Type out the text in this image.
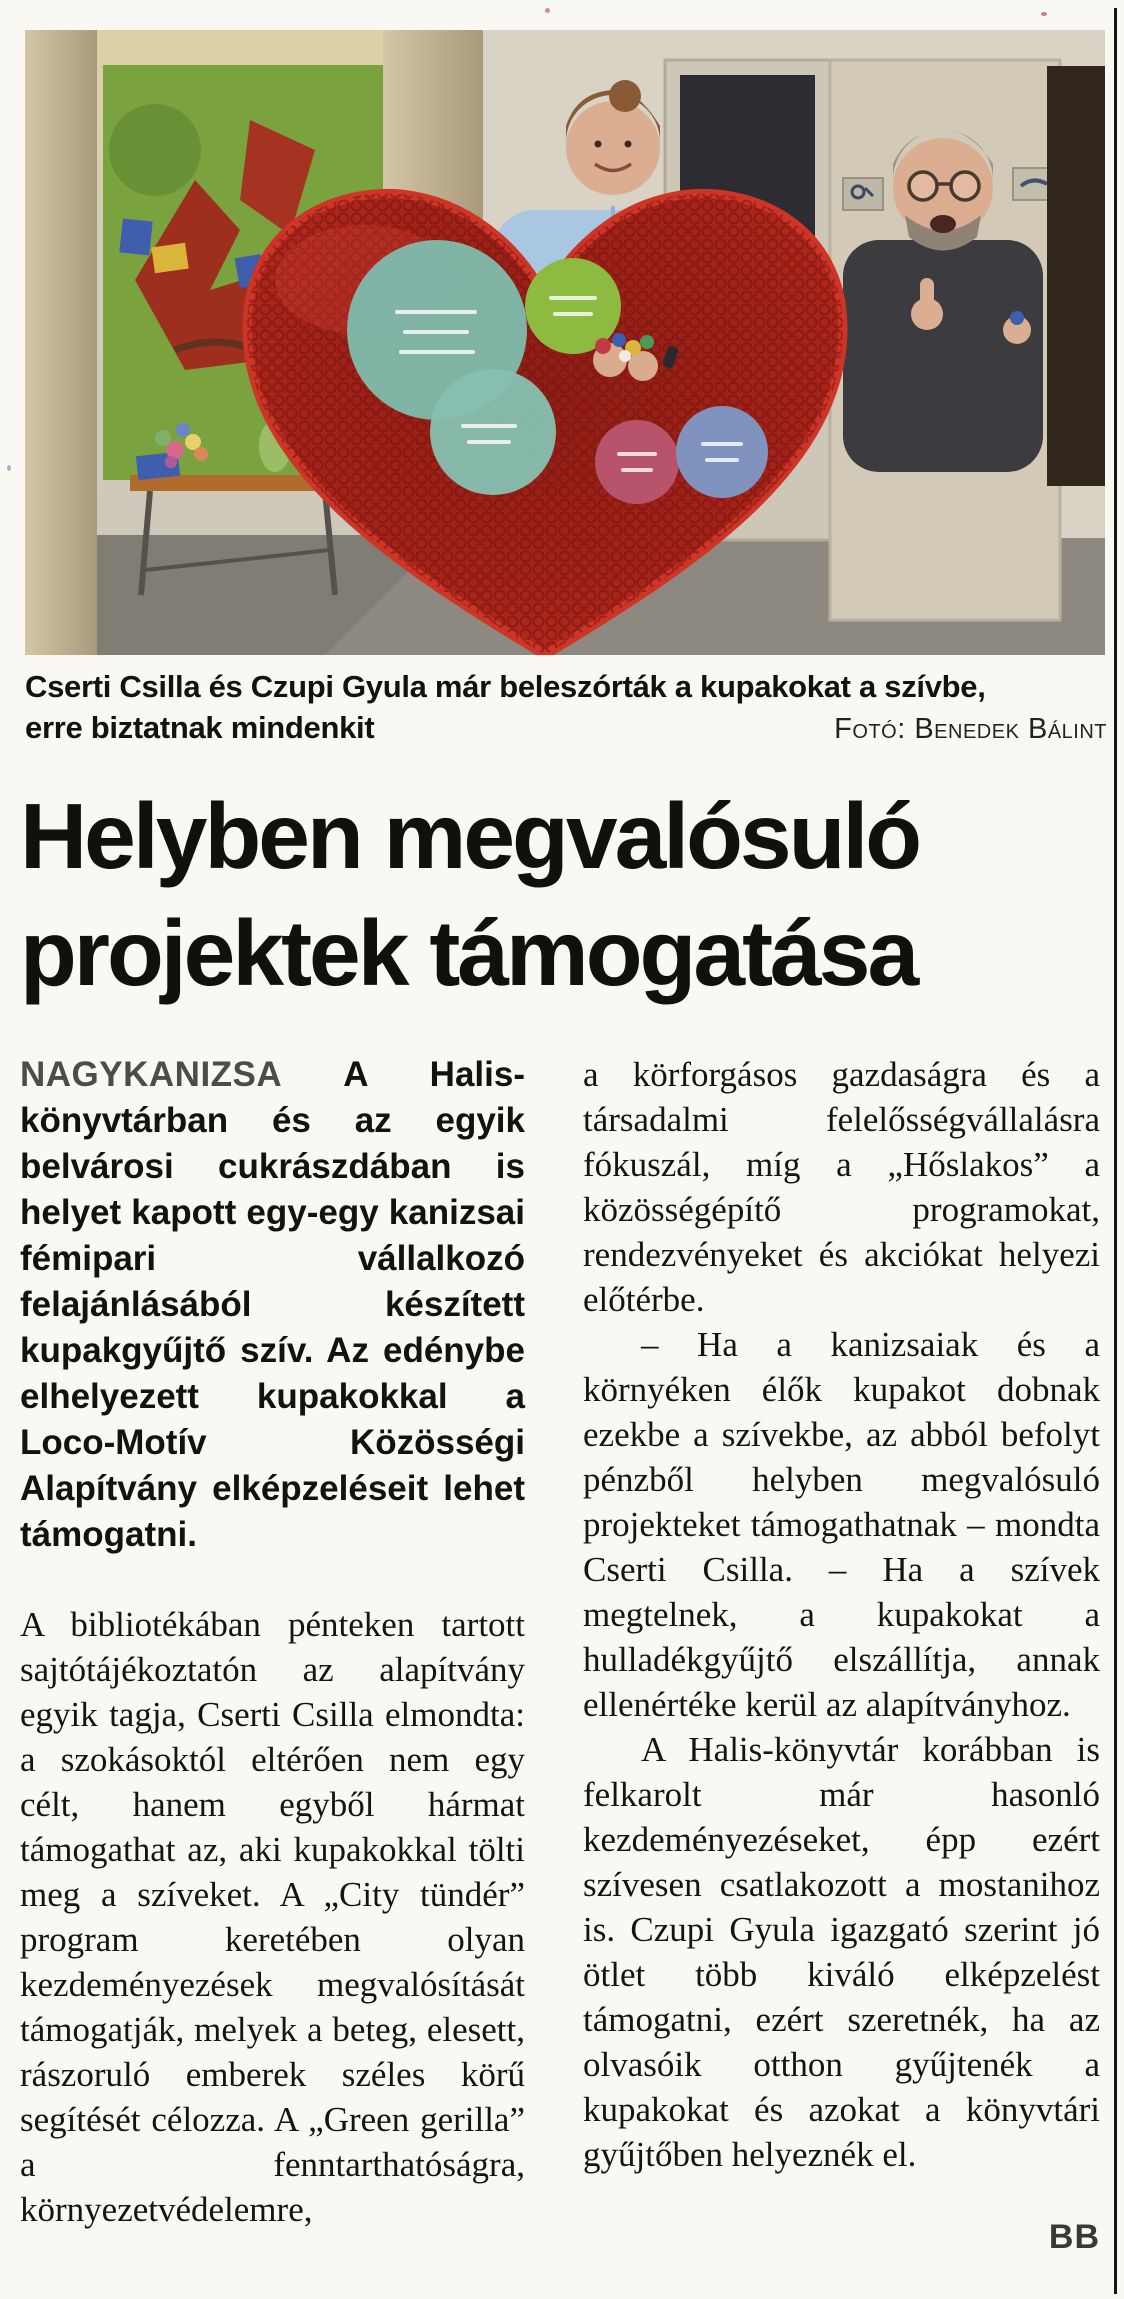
Cserti Csilla és Czupi Gyula már beleszórták a kupakokat a szívbe,
erre biztatnak mindenkit	Fotó: Benedek Bálint
Helyben megvalósuló
projektek támogatása

NAGYKANIZSA A Halis-könyvtárban és az egyik belvárosi cukrászdában is helyet kapott egy-egy kanizsai fémipari vállalkozó felajánlásából készített kupakgyűjtő szív. Az edénybe elhelyezett kupakokkal a Loco-Motív Közösségi Alapítvány elképzeléseit lehet támogatni.

A bibliotékában pénteken tartott sajtótájékoztatón az alapítvány egyik tagja, Cserti Csilla elmondta: a szokásoktól eltérően nem egy célt, hanem egyből hármat támogathat az, aki kupakokkal tölti meg a szíveket. A „City tündér” program keretében olyan kezdeményezések megvalósítását támogatják, melyek a beteg, elesett, rászoruló emberek széles körű segítését célozza. A „Green gerilla” a fenntarthatóságra, környezetvédelemre,

a körforgásos gazdaságra és a társadalmi felelősségvállalásra fókuszál, míg a „Hőslakos” a közösségépítő programokat, rendezvényeket és akciókat helyezi előtérbe.

– Ha a kanizsaiak és a környéken élők kupakot dobnak ezekbe a szívekbe, az abból befolyt pénzből helyben megvalósuló projekteket támogathatnak – mondta Cserti Csilla. – Ha a szívek megtelnek, a kupakokat a hulladékgyűjtő elszállítja, annak ellenértéke kerül az alapítványhoz.

A Halis-könyvtár korábban is felkarolt már hasonló kezdeményezéseket, épp ezért szívesen csatlakozott a mostanihoz is. Czupi Gyula igazgató szerint jó ötlet több kiváló elképzelést támogatni, ezért szeretnék, ha az olvasóik otthon gyűjtenék a kupakokat és azokat a könyvtári gyűjtőben helyeznék el.

BB
